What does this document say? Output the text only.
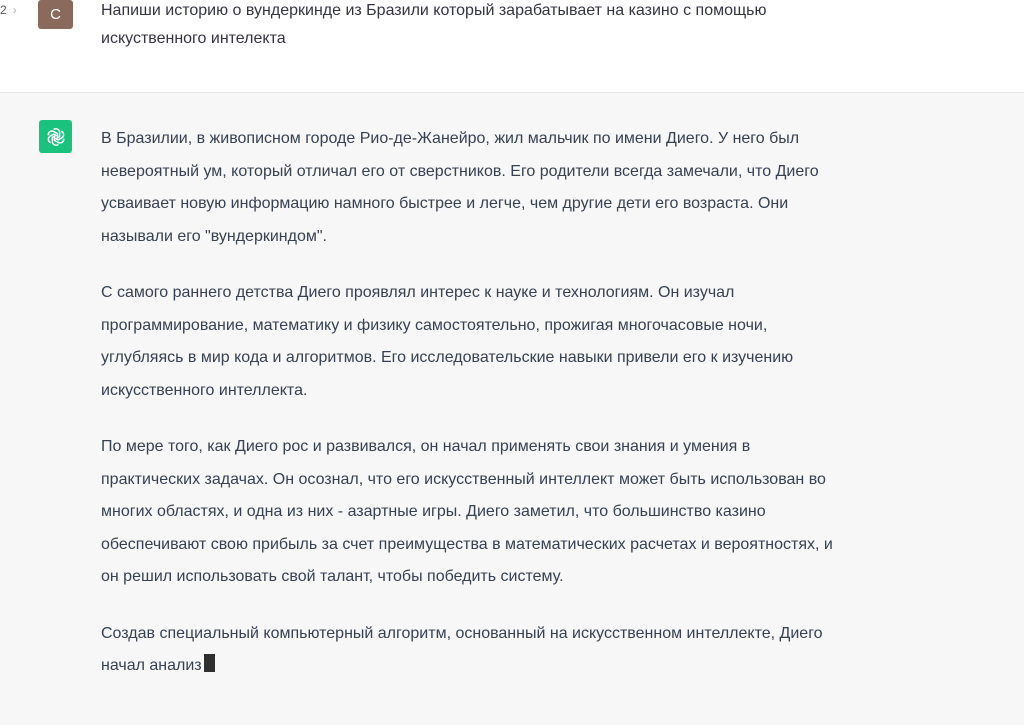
2 › C	Напиши историю о вундеркинде из Бразили который зарабатывает на казино с помощью искуственного интелекта

В Бразилии, в живописном городе Рио-де-Жанейро, жил мальчик по имени Диего. У него был невероятный ум, который отличал его от сверстников. Его родители всегда замечали, что Диего усваивает новую информацию намного быстрее и легче, чем другие дети его возраста. Они называли его "вундеркиндом".

С самого раннего детства Диего проявлял интерес к науке и технологиям. Он изучал программирование, математику и физику самостоятельно, прожигая многочасовые ночи, углубляясь в мир кода и алгоритмов. Его исследовательские навыки привели его к изучению искусственного интеллекта.

По мере того, как Диего рос и развивался, он начал применять свои знания и умения в практических задачах. Он осознал, что его искусственный интеллект может быть использован во многих областях, и одна из них - азартные игры. Диего заметил, что большинство казино обеспечивают свою прибыль за счет преимущества в математических расчетах и вероятностях, и он решил использовать свой талант, чтобы победить систему.

Создав специальный компьютерный алгоритм, основанный на искусственном интеллекте, Диего начал анализ
